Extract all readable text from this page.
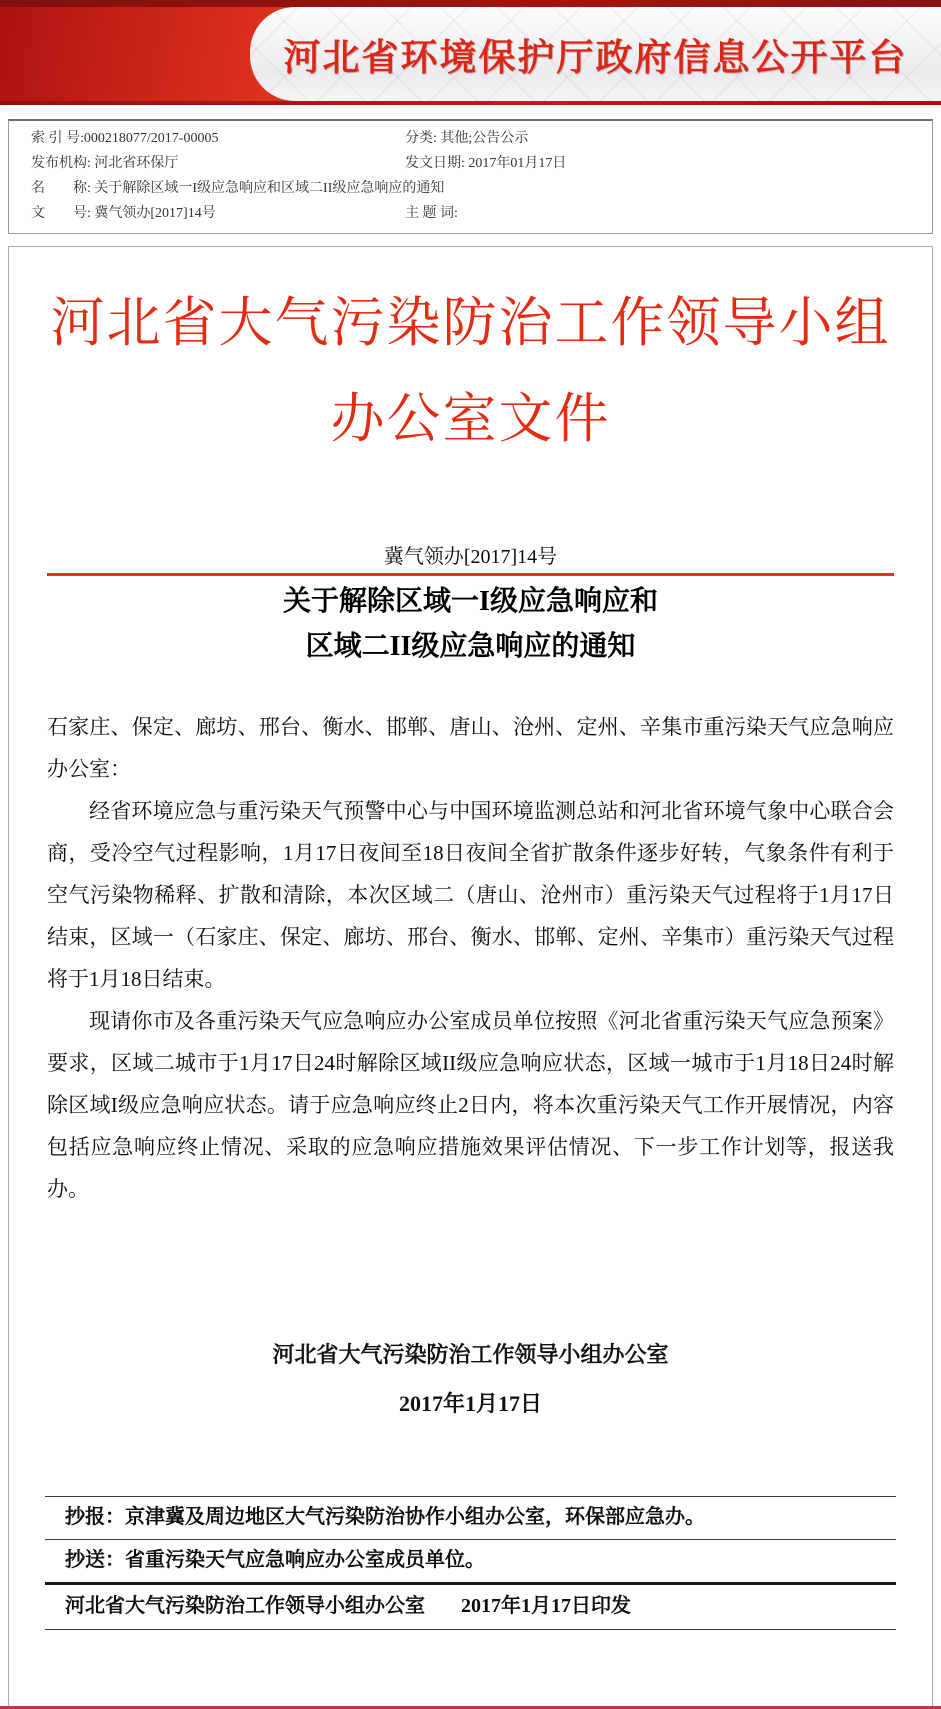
河北省环境保护厅政府信息公开平台
索 引 号:000218077/2017-00005	分类: 其他;公告公示
发布机构: 河北省环保厅	发文日期: 2017年01月17日
名　　称: 关于解除区域一I级应急响应和区域二II级应急响应的通知
文　　号: 冀气领办[2017]14号	主 题 词:
河北省大气污染防治工作领导小组
办公室文件
冀气领办[2017]14号
关于解除区域一I级应急响应和
区域二II级应急响应的通知

石家庄、保定、廊坊、邢台、衡水、邯郸、唐山、沧州、定州、辛集市重污染天气应急响应办公室：

经省环境应急与重污染天气预警中心与中国环境监测总站和河北省环境气象中心联合会商，受冷空气过程影响，1月17日夜间至18日夜间全省扩散条件逐步好转，气象条件有利于空气污染物稀释、扩散和清除，本次区域二（唐山、沧州市）重污染天气过程将于1月17日结束，区域一（石家庄、保定、廊坊、邢台、衡水、邯郸、定州、辛集市）重污染天气过程将于1月18日结束。

现请你市及各重污染天气应急响应办公室成员单位按照《河北省重污染天气应急预案》要求，区域二城市于1月17日24时解除区域II级应急响应状态，区域一城市于1月18日24时解除区域I级应急响应状态。请于应急响应终止2日内，将本次重污染天气工作开展情况，内容包括应急响应终止情况、采取的应急响应措施效果评估情况、下一步工作计划等，报送我办。

河北省大气污染防治工作领导小组办公室
2017年1月17日
抄报：京津冀及周边地区大气污染防治协作小组办公室，环保部应急办。
抄送：省重污染天气应急响应办公室成员单位。
河北省大气污染防治工作领导小组办公室 2017年1月17日印发
